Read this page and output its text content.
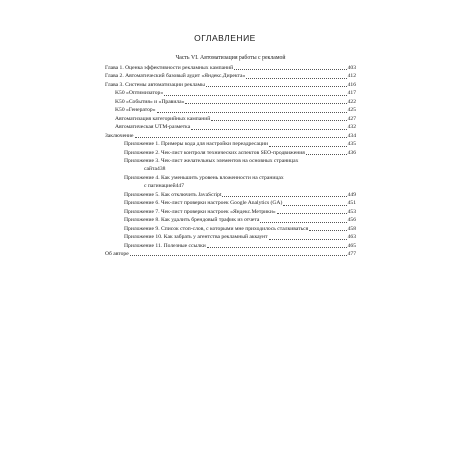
ОГЛАВЛЕНИЕ
Часть VI. Автоматизация работы с рекламой
Глава 1. Оценка эффективности рекламных кампаний	403
Глава 2. Автоматический базовый аудит «Яндекс.Директа»	412
Глава 3. Системы автоматизации рекламы	416
K50 «Оптимизатор»	417
K50 «События» и «Правила»	422
K50 «Генератор»	425
Автоматизация категорийных кампаний	427
Автоматическая UTM-разметка	432
Заключение	434
Приложение 1. Примеры кода для настройки переадресации	435
Приложение 2. Чек-лист контроля технических аспектов SEO-продвижения	436
Приложение 3. Чек-лист желательных элементов на основных страницах
сайта 438
Приложение 4. Как уменьшить уровень вложенности на страницах
с пагинацией 447
Приложение 5. Как отключить JavaScript	449
Приложение 6. Чек-лист проверки настроек Google Analytics (GA)	451
Приложение 7. Чек-лист проверки настроек «Яндекс.Метрики»	453
Приложение 8. Как удалить брендовый трафик из отчета	456
Приложение 9. Список стоп-слов, с которыми мне приходилось сталкиваться	458
Приложение 10. Как забрать у агентства рекламный аккаунт	463
Приложение 11. Полезные ссылки	465
Об авторе	477
